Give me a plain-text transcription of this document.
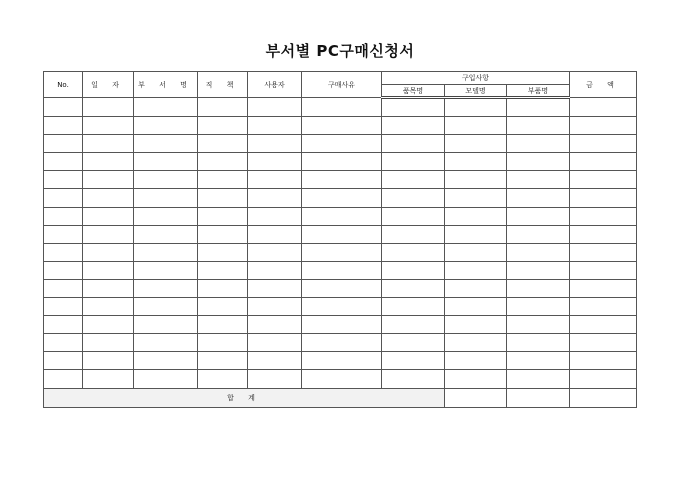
부서별 PC구매신청서
No.	일 자	부 서 명	직 책	사용자	구매사유	구입사항			금 액
						품목명	모델명	부품명	

합 계									
